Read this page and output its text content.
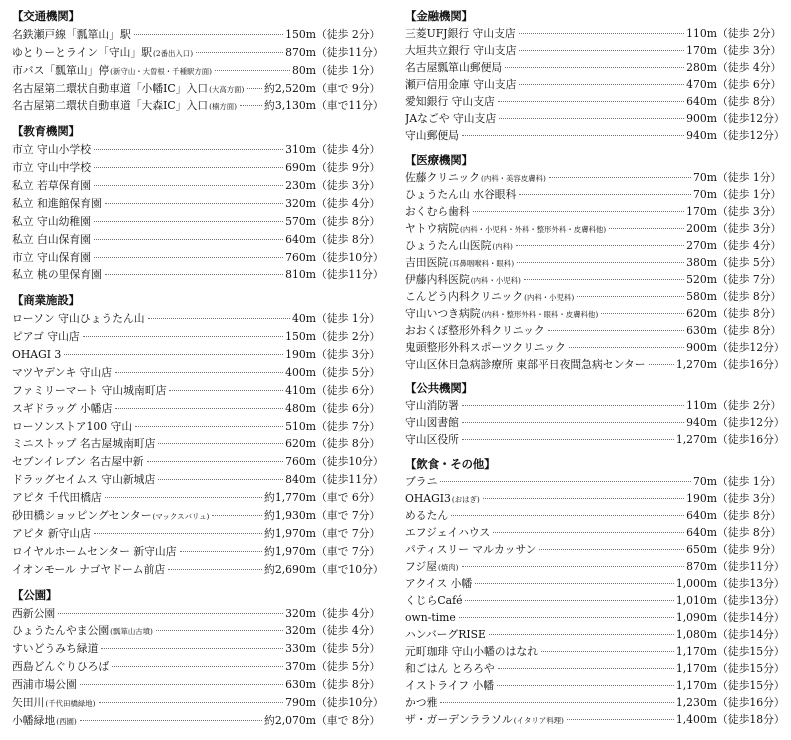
【交通機関】
名鉄瀬戸線「瓢箪山」駅	150m （徒歩 2分）
ゆとりーとライン「守山」駅(2番出入口)	870m （徒歩11分）
市バス「瓢箪山」停(新守山・大曽根・千種駅方面)	80m （徒歩 1分）
名古屋第二環状自動車道「小幡IC」入口(大高方面) 約2,520m （車で 9分）
名古屋第二環状自動車道「大森IC」入口(楠方面)	約3,130m （車で11分）
【教育機関】
市立 守山小学校	310m （徒歩 4分）
市立 守山中学校	690m （徒歩 9分）
私立 若草保育園	230m （徒歩 3分）
私立 和進館保育園	320m （徒歩 4分）
私立 守山幼稚園	570m （徒歩 8分）
私立 白山保育園	640m （徒歩 8分）
市立 守山保育園	760m （徒歩10分）
私立 桃の里保育園	810m （徒歩11分）
【商業施設】
ローソン 守山ひょうたん山	40m （徒歩 1分）
ピアゴ 守山店	150m （徒歩 2分）
OHAGI 3	190m （徒歩 3分）
マツヤデンキ 守山店	400m （徒歩 5分）
ファミリーマート 守山城南町店	410m （徒歩 6分）
スギドラッグ 小幡店	480m （徒歩 6分）
ローソンストア100 守山	510m （徒歩 7分）
ミニストップ 名古屋城南町店	620m （徒歩 8分）
セブンイレブン 名古屋中新	760m （徒歩10分）
ドラッグセイムス 守山新城店	840m （徒歩11分）
アピタ 千代田橋店	約1,770m （車で 6分）
砂田橋ショッピングセンター(マックスバリュ)	約1,930m （車で 7分）
アピタ 新守山店	約1,970m （車で 7分）
ロイヤルホームセンター 新守山店	約1,970m （車で 7分）
イオンモール ナゴヤドーム前店	約2,690m （車で10分）
【公園】
西新公園	320m （徒歩 4分）
ひょうたんやま公園(瓢箪山古墳)	320m （徒歩 4分）
すいどうみち緑道	330m （徒歩 5分）
西島どんぐりひろば	370m （徒歩 5分）
西浦市場公園	630m （徒歩 8分）
矢田川(千代田橋緑地)	790m （徒歩10分）
小幡緑地(西園)	約2,070m （車で 8分）
【金融機関】
三菱UFJ銀行 守山支店	110m （徒歩 2分）
大垣共立銀行 守山支店	170m （徒歩 3分）
名古屋瓢箪山郵便局	280m （徒歩 4分）
瀬戸信用金庫 守山支店	470m （徒歩 6分）
愛知銀行 守山支店	640m （徒歩 8分）
JAなごや 守山支店	900m （徒歩12分）
守山郵便局	940m （徒歩12分）
【医療機関】
佐藤クリニック(内科・美容皮膚科)	70m （徒歩 1分）
ひょうたん山 水谷眼科	70m （徒歩 1分）
おくむら歯科	170m （徒歩 3分）
ヤトウ病院(内科・小児科・外科・整形外科・皮膚科他)	200m （徒歩 3分）
ひょうたん山医院(内科)	270m （徒歩 4分）
吉田医院(耳鼻咽喉科・眼科)	380m （徒歩 5分）
伊藤内科医院(内科・小児科)	520m （徒歩 7分）
こんどう内科クリニック(内科・小児科)	580m （徒歩 8分）
守山いつき病院(内科・整形外科・眼科・皮膚科他)	620m （徒歩 8分）
おおくぼ整形外科クリニック	630m （徒歩 8分）
鬼頭整形外科スポーツクリニック	900m （徒歩12分）
守山区休日急病診療所 東部平日夜間急病センター	1,270m （徒歩16分）
【公共機関】
守山消防署	110m （徒歩 2分）
守山図書館	940m （徒歩12分）
守山区役所	1,270m （徒歩16分）
【飲食・その他】
ブラニ	70m （徒歩 1分）
OHAGI3(おはぎ)	190m （徒歩 3分）
めるたん	640m （徒歩 8分）
エフジェイハウス	640m （徒歩 8分）
パティスリー マルカッサン	650m （徒歩 9分）
フジ屋(焼肉)	870m （徒歩11分）
アクイス 小幡	1,000m （徒歩13分）
くじらCafé	1,010m （徒歩13分）
own-time	1,090m （徒歩14分）
ハンバーグRISE	1,080m （徒歩14分）
元町珈琲 守山小幡のはなれ	1,170m （徒歩15分）
和ごはん とろろや	1,170m （徒歩15分）
イストライフ 小幡	1,170m （徒歩15分）
かつ雅	1,230m （徒歩16分）
ザ・ガーデンララソル(イタリア料理)	1,400m （徒歩18分）
